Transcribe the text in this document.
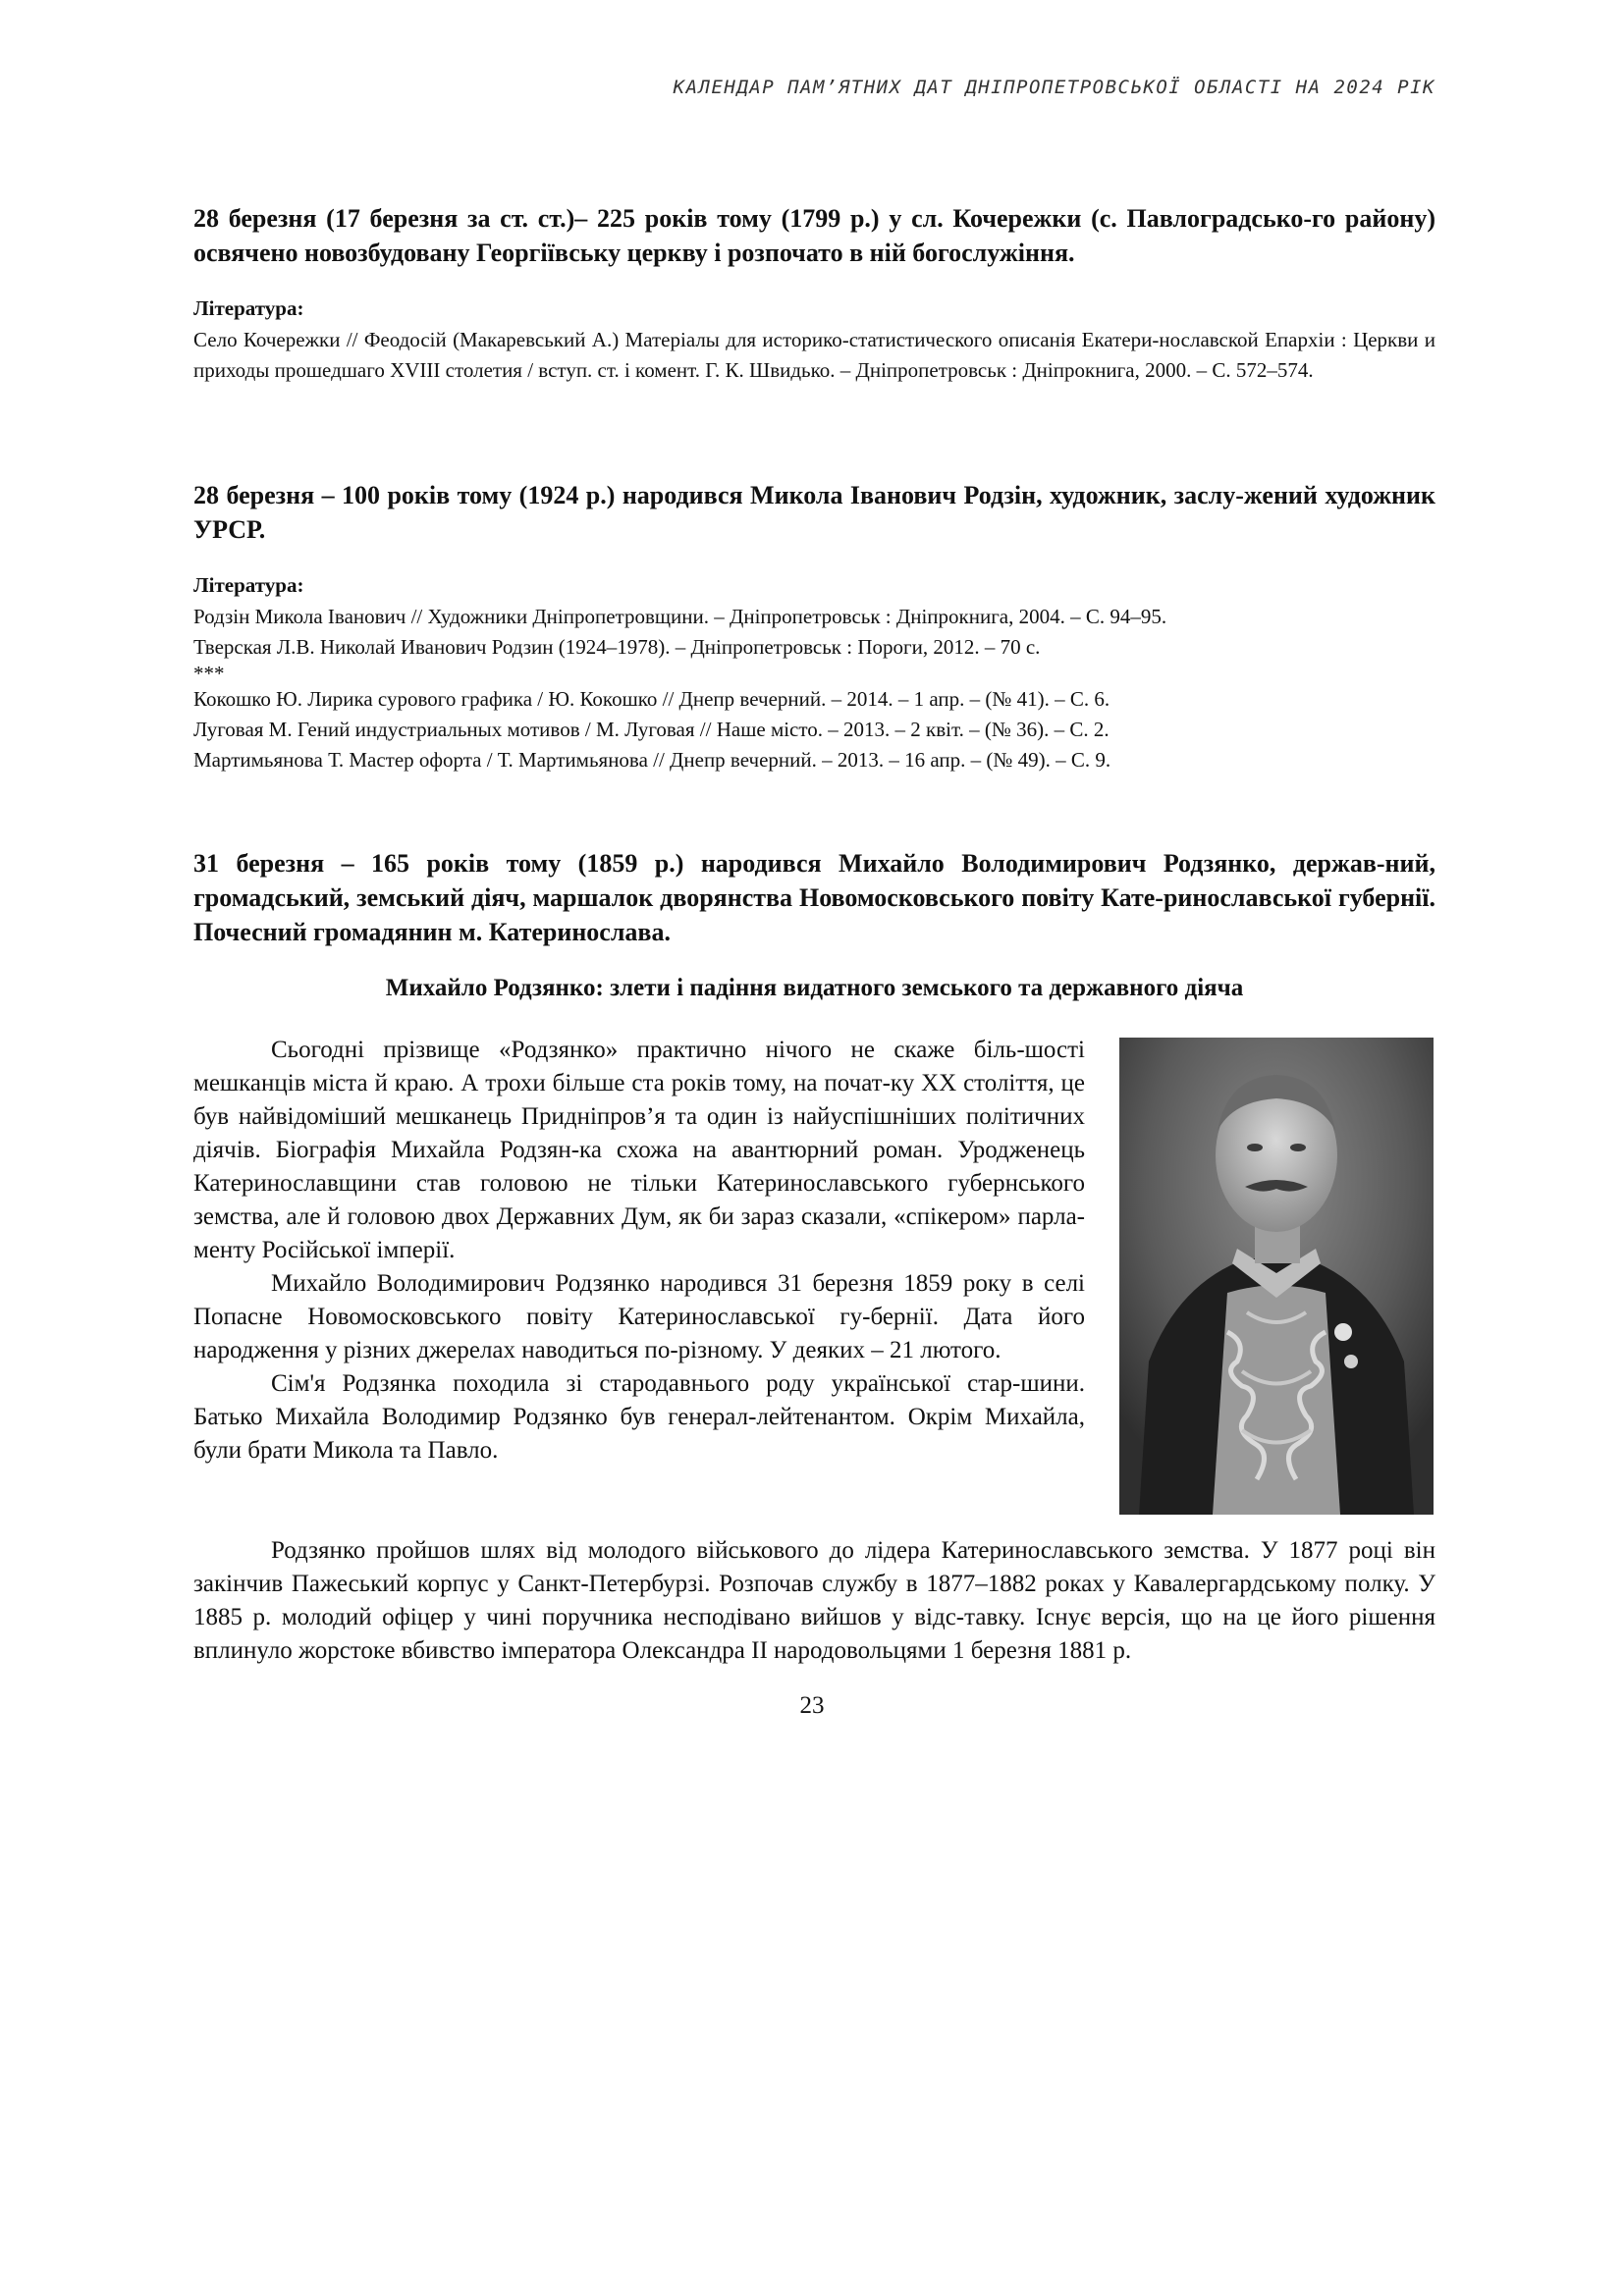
КАЛЕНДАР ПАМ’ЯТНИХ ДАТ ДНІПРОПЕТРОВСЬКОЇ ОБЛАСТІ НА 2024 РІК

28 березня (17 березня за ст. ст.)– 225 років тому (1799 р.) у сл. Кочережки (с. Павлоградсько-го району) освячено новозбудовану Георгіївську церкву і розпочато в ній богослужіння.

Література:

Село Кочережки // Феодосій (Макаревський А.) Матеріалы для историко-статистического описанія Екатери-нославской Епархіи : Церкви и приходы прошедшаго XVIII столетия / вступ. ст. і комент. Г. К. Швидько. – Дніпропетровськ : Дніпрокнига, 2000. – С. 572–574.

28 березня – 100 років тому (1924 р.) народився Микола Іванович Родзін, художник, заслу-жений художник УРСР.

Література:

Родзін Микола Іванович // Художники Дніпропетровщини. – Дніпропетровськ : Дніпрокнига, 2004. – С. 94–95.

Тверская Л.В. Николай Иванович Родзин (1924–1978). – Дніпропетровськ : Пороги, 2012. – 70 с.

***

Кокошко Ю. Лирика сурового графика / Ю. Кокошко // Днепр вечерний. – 2014. – 1 апр. – (№ 41). – С. 6.

Луговая М. Гений индустриальных мотивов / М. Луговая // Наше місто. – 2013. – 2 квіт. – (№ 36). – С. 2.

Мартимьянова Т. Мастер офорта / Т. Мартимьянова // Днепр вечерний. – 2013. – 16 апр. – (№ 49). – С. 9.

31 березня – 165 років тому (1859 р.) народився Михайло Володимирович Родзянко, держав-ний, громадський, земський діяч, маршалок дворянства Новомосковського повіту Кате-ринославської губернії. Почесний громадянин м. Катеринослава.

Михайло Родзянко: злети і падіння видатного земського та державного діяча

Сьогодні прізвище «Родзянко» практично нічого не скаже біль-шості мешканців міста й краю. А трохи більше ста років тому, на почат-ку XX століття, це був найвідоміший мешканець Придніпров’я та один із найуспішніших політичних діячів. Біографія Михайла Родзян-ка схожа на авантюрний роман. Уродженець Катеринославщини став головою не тільки Катеринославського губернського земства, але й головою двох Державних Дум, як би зараз сказали, «спікером» парла-менту Російської імперії.

Михайло Володимирович Родзянко народився 31 березня 1859 року в селі Попасне Новомосковського повіту Катеринославської гу-бернії. Дата його народження у різних джерелах наводиться по-різному. У деяких – 21 лютого.

Сім'я Родзянка походила зі стародавнього роду української стар-шини. Батько Михайла Володимир Родзянко був генерал-лейтенантом. Окрім Михайла, були брати Микола та Павло.

Родзянко пройшов шлях від молодого військового до лідера Катеринославського земства. У 1877 році він закінчив Пажеський корпус у Санкт-Петербурзі. Розпочав службу в 1877–1882 роках у Кавалергардському полку. У 1885 р. молодий офіцер у чині поручника несподівано вийшов у відс-тавку. Існує версія, що на це його рішення вплинуло жорстоке вбивство імператора Олександра ІІ народовольцями 1 березня 1881 р.

23
